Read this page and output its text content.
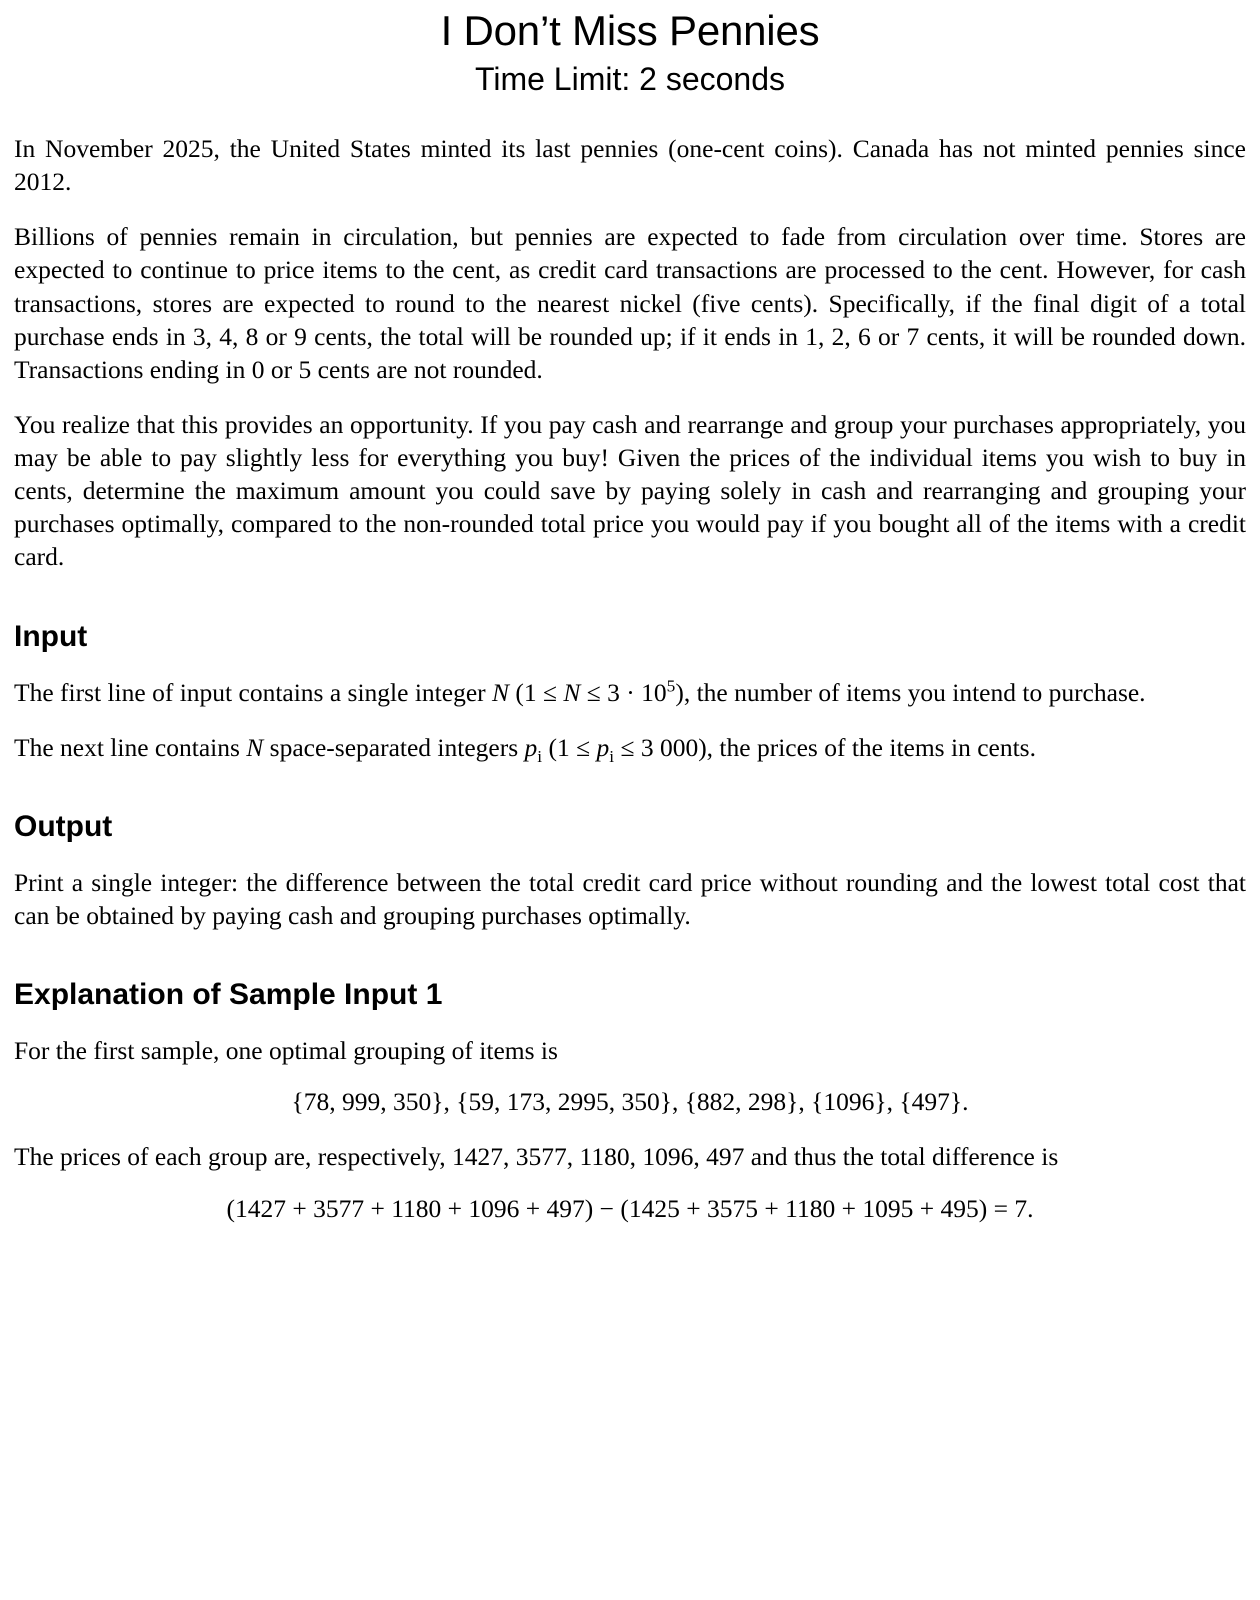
I Don’t Miss Pennies
Time Limit: 2 seconds

In November 2025, the United States minted its last pennies (one-cent coins). Canada has not minted pennies since 2012.

Billions of pennies remain in circulation, but pennies are expected to fade from circulation over time. Stores are expected to continue to price items to the cent, as credit card transactions are processed to the cent. However, for cash transactions, stores are expected to round to the nearest nickel (five cents). Specifically, if the final digit of a total purchase ends in 3, 4, 8 or 9 cents, the total will be rounded up; if it ends in 1, 2, 6 or 7 cents, it will be rounded down. Transactions ending in 0 or 5 cents are not rounded.

You realize that this provides an opportunity. If you pay cash and rearrange and group your purchases appropriately, you may be able to pay slightly less for everything you buy! Given the prices of the individual items you wish to buy in cents, determine the maximum amount you could save by paying solely in cash and rearranging and grouping your purchases optimally, compared to the non-rounded total price you would pay if you bought all of the items with a credit card.

Input

The first line of input contains a single integer N $(1 \le N \le 3 \cdot 10^5)$, the number of items you intend to purchase.

The next line contains N space-separated integers $p_i$ ($1 \le p_i \le 3$ 000), the prices of the items in cents.

Output

Print a single integer: the difference between the total credit card price without rounding and the lowest total cost that can be obtained by paying cash and grouping purchases optimally.

Explanation of Sample Input 1

For the first sample, one optimal grouping of items is

{78, 999, 350}, {59, 173, 2995, 350}, {882, 298}, {1096}, {497}.

The prices of each group are, respectively, 1427, 3577, 1180, 1096, 497 and thus the total difference is

(1427 + 3577 + 1180 + 1096 + 497) − (1425 + 3575 + 1180 + 1095 + 495) = 7.
